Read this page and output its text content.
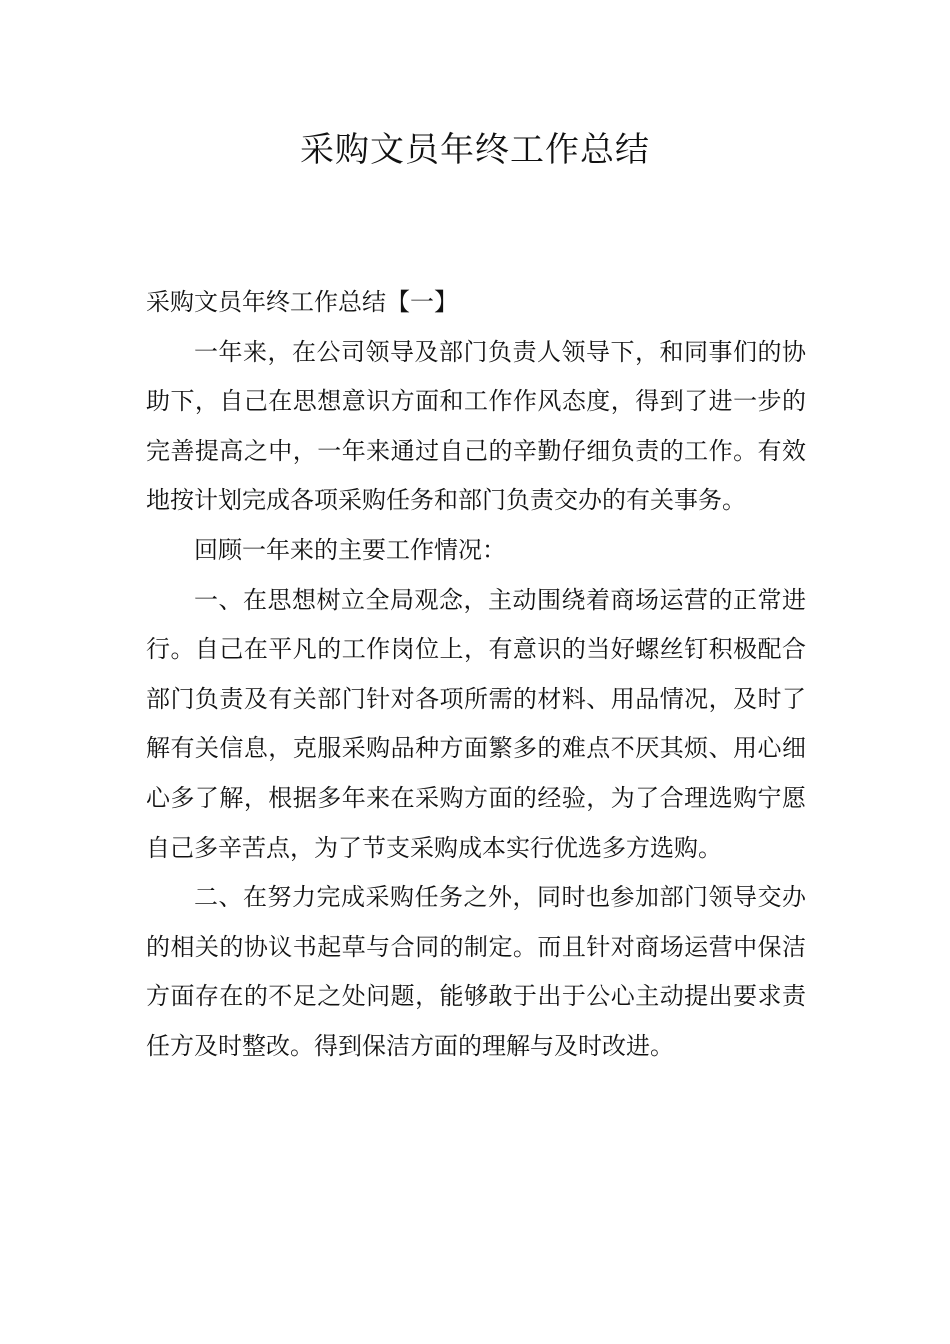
采购文员年终工作总结

采购文员年终工作总结【一】

一年来，在公司领导及部门负责人领导下，和同事们的协助下，自己在思想意识方面和工作作风态度，得到了进一步的完善提高之中，一年来通过自己的辛勤仔细负责的工作。有效地按计划完成各项采购任务和部门负责交办的有关事务。

回顾一年来的主要工作情况：

一、在思想树立全局观念，主动围绕着商场运营的正常进行。自己在平凡的工作岗位上，有意识的当好螺丝钉积极配合部门负责及有关部门针对各项所需的材料、用品情况，及时了解有关信息，克服采购品种方面繁多的难点不厌其烦、用心细心多了解，根据多年来在采购方面的经验，为了合理选购宁愿自己多辛苦点，为了节支采购成本实行优选多方选购。

二、在努力完成采购任务之外，同时也参加部门领导交办的相关的协议书起草与合同的制定。而且针对商场运营中保洁方面存在的不足之处问题，能够敢于出于公心主动提出要求责任方及时整改。得到保洁方面的理解与及时改进。
